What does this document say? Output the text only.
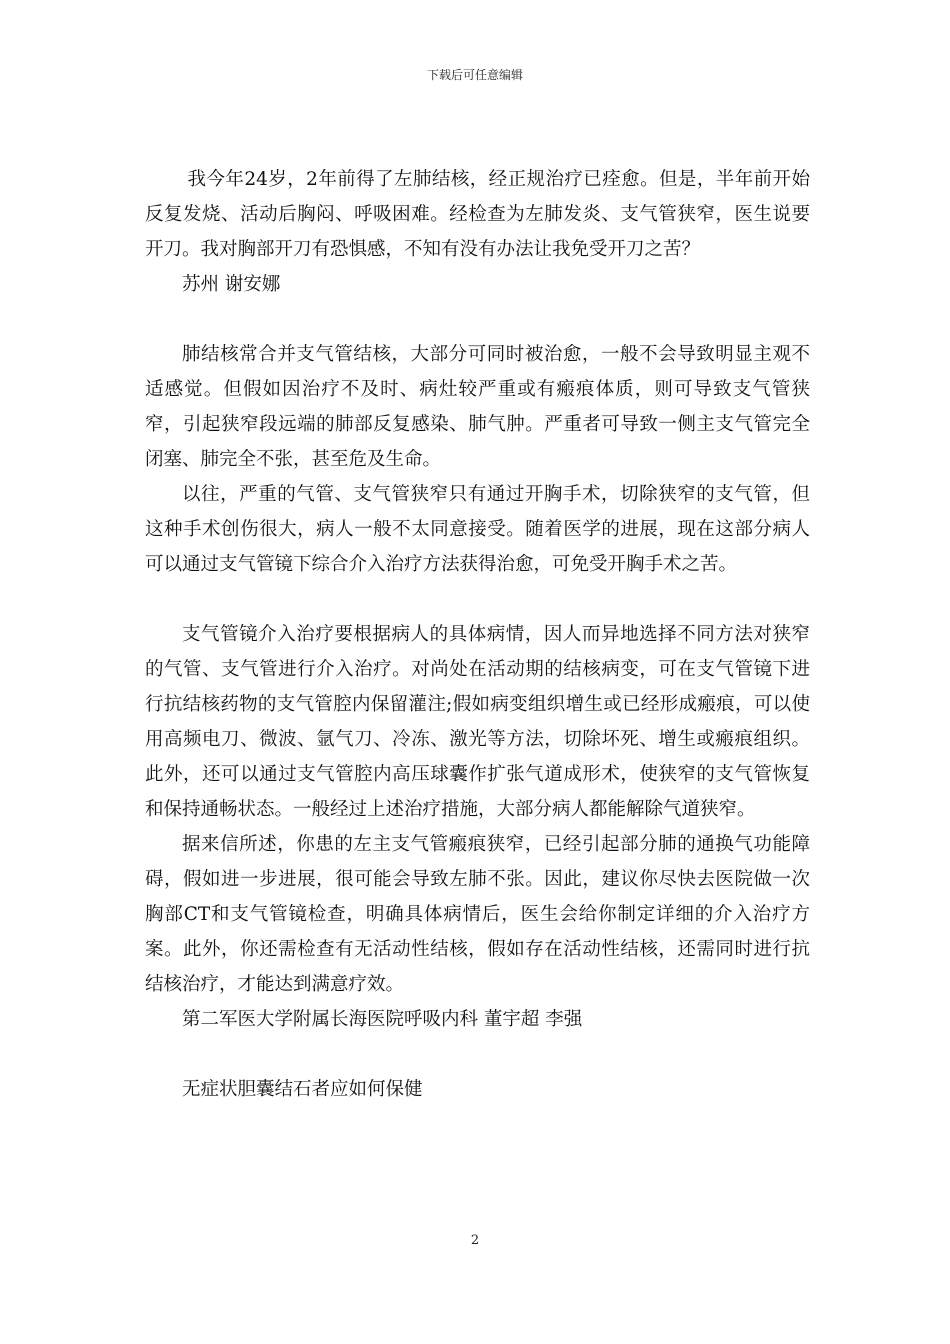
下载后可任意编辑

我今年24岁，2年前得了左肺结核，经正规治疗已痊愈。但是，半年前开始反复发烧、活动后胸闷、呼吸困难。经检查为左肺发炎、支气管狭窄，医生说要开刀。我对胸部开刀有恐惧感，不知有没有办法让我免受开刀之苦？

苏州 谢安娜

肺结核常合并支气管结核，大部分可同时被治愈，一般不会导致明显主观不适感觉。但假如因治疗不及时、病灶较严重或有瘢痕体质，则可导致支气管狭窄，引起狭窄段远端的肺部反复感染、肺气肿。严重者可导致一侧主支气管完全闭塞、肺完全不张，甚至危及生命。

以往，严重的气管、支气管狭窄只有通过开胸手术，切除狭窄的支气管，但这种手术创伤很大，病人一般不太同意接受。随着医学的进展，现在这部分病人可以通过支气管镜下综合介入治疗方法获得治愈，可免受开胸手术之苦。

支气管镜介入治疗要根据病人的具体病情，因人而异地选择不同方法对狭窄的气管、支气管进行介入治疗。对尚处在活动期的结核病变，可在支气管镜下进行抗结核药物的支气管腔内保留灌注;假如病变组织增生或已经形成瘢痕，可以使用高频电刀、微波、氩气刀、冷冻、激光等方法，切除坏死、增生或瘢痕组织。此外，还可以通过支气管腔内高压球囊作扩张气道成形术，使狭窄的支气管恢复和保持通畅状态。一般经过上述治疗措施，大部分病人都能解除气道狭窄。

据来信所述，你患的左主支气管瘢痕狭窄，已经引起部分肺的通换气功能障碍，假如进一步进展，很可能会导致左肺不张。因此，建议你尽快去医院做一次胸部CT和支气管镜检查，明确具体病情后，医生会给你制定详细的介入治疗方案。此外，你还需检查有无活动性结核，假如存在活动性结核，还需同时进行抗结核治疗，才能达到满意疗效。

第二军医大学附属长海医院呼吸内科 董宇超 李强

无症状胆囊结石者应如何保健

2
